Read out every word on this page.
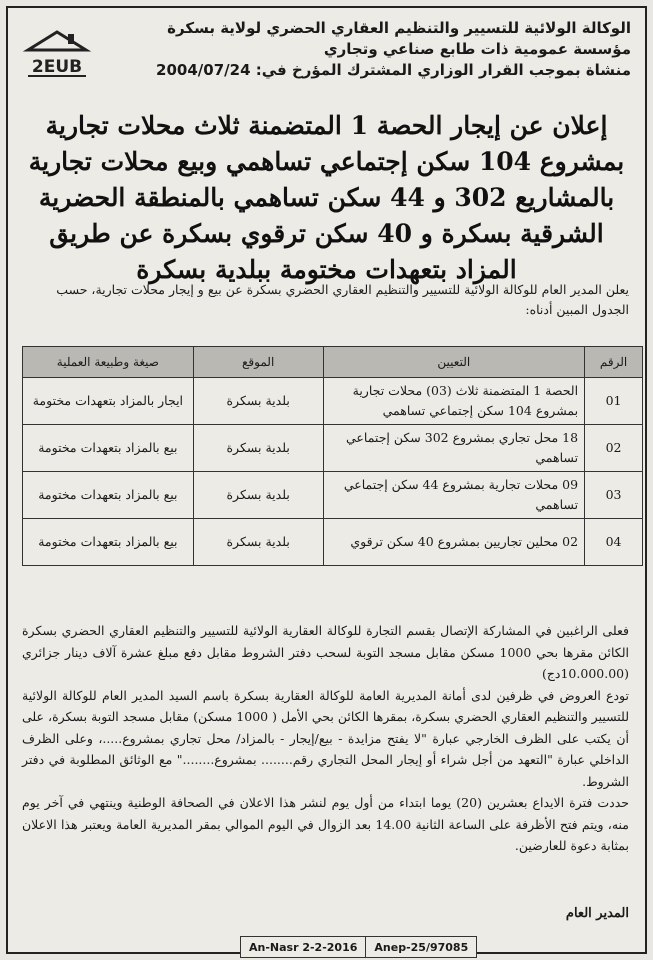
2EUB
الوكالة الولائية للتسيير والتنظيم العقاري الحضري لولاية بسكرة
مؤسسة عمومية ذات طابع صناعي وتجاري
منشاة بموجب القرار الوزاري المشترك المؤرخ في: 2004/07/24
إعلان عن إيجار الحصة 1 المتضمنة ثلاث محلات تجارية بمشروع 104 سكن إجتماعي تساهمي وبيع محلات تجارية بالمشاريع 302 و 44 سكن تساهمي بالمنطقة الحضرية الشرقية بسكرة و 40 سكن ترقوي بسكرة عن طريق المزاد بتعهدات مختومة ببلدية بسكرة
يعلن المدير العام للوكالة الولائية للتسيير والتنظيم العقاري الحضري بسكرة عن بيع و إيجار محلات تجارية، حسب الجدول المبين أدناه:
الرقم	التعيين	الموقع	صيغة وطبيعة العملية
01	الحصة 1 المتضمنة ثلاث (03) محلات تجارية بمشروع 104 سكن إجتماعي تساهمي	بلدية بسكرة	ايجار بالمزاد بتعهدات مختومة
02	18 محل تجاري بمشروع 302 سكن إجتماعي تساهمي	بلدية بسكرة	بيع بالمزاد بتعهدات مختومة
03	09 محلات تجارية بمشروع 44 سكن إجتماعي تساهمي	بلدية بسكرة	بيع بالمزاد بتعهدات مختومة
04	02 محلين تجاريين بمشروع 40 سكن ترقوي	بلدية بسكرة	بيع بالمزاد بتعهدات مختومة

فعلى الراغبين في المشاركة الإتصال بقسم التجارة للوكالة العقارية الولائية للتسيير والتنظيم العقاري الحضري بسكرة الكائن مقرها بحي 1000 مسكن مقابل مسجد التوبة لسحب دفتر الشروط مقابل دفع مبلغ عشرة آلاف دينار جزائري (10.000.00دج)

تودع العروض في ظرفين لدى أمانة المديرية العامة للوكالة العقارية بسكرة باسم السيد المدير العام للوكالة الولائية للتسيير والتنظيم العقاري الحضري بسكرة، بمقرها الكائن بحي الأمل ( 1000 مسكن) مقابل مسجد التوبة بسكرة، على أن يكتب على الظرف الخارجي عبارة "لا يفتح مزايدة - بيع/إيجار - بالمزاد/ محل تجاري بمشروع.....، وعلى الظرف الداخلي عبارة "التعهد من أجل شراء أو إيجار المحل التجاري رقم........ بمشروع........" مع الوثائق المطلوبة في دفتر الشروط.

حددت فترة الايداع بعشرين (20) يوما ابتداء من أول يوم لنشر هذا الاعلان في الصحافة الوطنية وينتهي في آخر يوم منه، ويتم فتح الأظرفة على الساعة الثانية 14.00 بعد الزوال في اليوم الموالي بمقر المديرية العامة ويعتبر هذا الاعلان بمثابة دعوة للعارضين.

المدير العام
An-Nasr 2-2-2016	Anep-25/97085
